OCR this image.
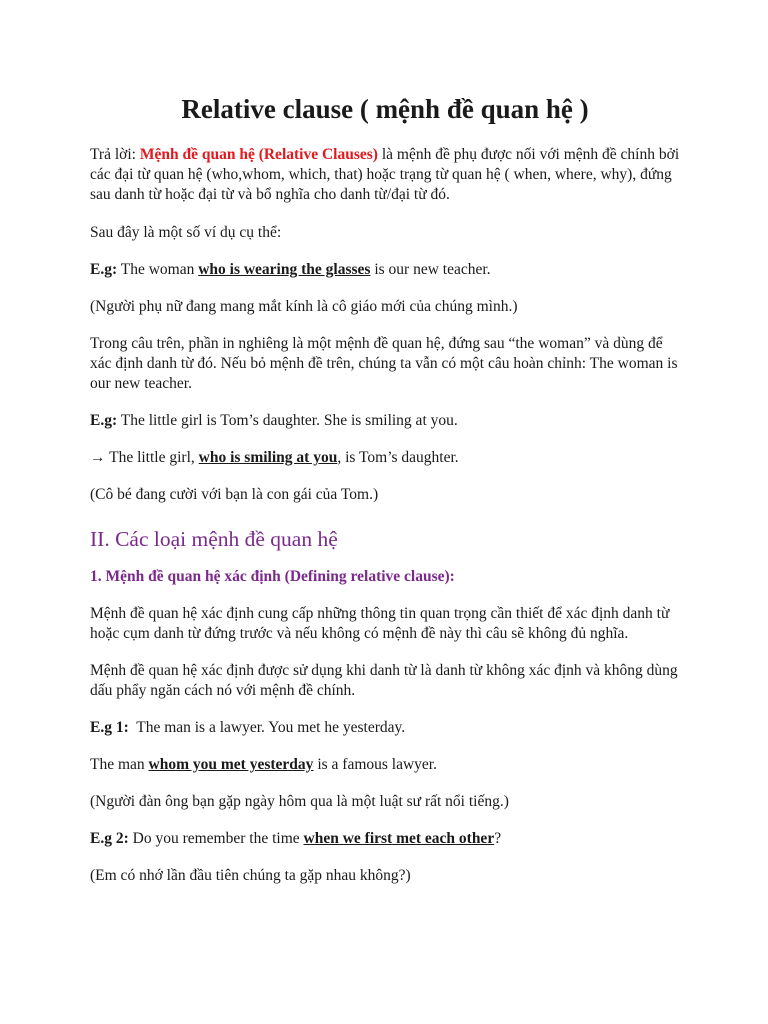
Relative clause ( mệnh đề quan hệ )

Trả lời: Mệnh đề quan hệ (Relative Clauses) là mệnh đề phụ được nối với mệnh đề chính bởi các đại từ quan hệ (who,whom, which, that) hoặc trạng từ quan hệ ( when, where, why), đứng sau danh từ hoặc đại từ và bổ nghĩa cho danh từ/đại từ đó.

Sau đây là một số ví dụ cụ thể:

E.g: The woman who is wearing the glasses is our new teacher.

(Người phụ nữ đang mang mắt kính là cô giáo mới của chúng mình.)

Trong câu trên, phần in nghiêng là một mệnh đề quan hệ, đứng sau “the woman” và dùng để xác định danh từ đó. Nếu bỏ mệnh đề trên, chúng ta vẫn có một câu hoàn chỉnh: The woman is our new teacher.

E.g: The little girl is Tom’s daughter. She is smiling at you.

→ The little girl, who is smiling at you, is Tom’s daughter.

(Cô bé đang cười với bạn là con gái của Tom.)

II. Các loại mệnh đề quan hệ
1. Mệnh đề quan hệ xác định (Defining relative clause):

Mệnh đề quan hệ xác định cung cấp những thông tin quan trọng cần thiết để xác định danh từ hoặc cụm danh từ đứng trước và nếu không có mệnh đề này thì câu sẽ không đủ nghĩa.

Mệnh đề quan hệ xác định được sử dụng khi danh từ là danh từ không xác định và không dùng dấu phẩy ngăn cách nó với mệnh đề chính.

E.g 1:  The man is a lawyer. You met he yesterday.

The man whom you met yesterday is a famous lawyer.

(Người đàn ông bạn gặp ngày hôm qua là một luật sư rất nổi tiếng.)

E.g 2: Do you remember the time when we first met each other?

(Em có nhớ lần đầu tiên chúng ta gặp nhau không?)
